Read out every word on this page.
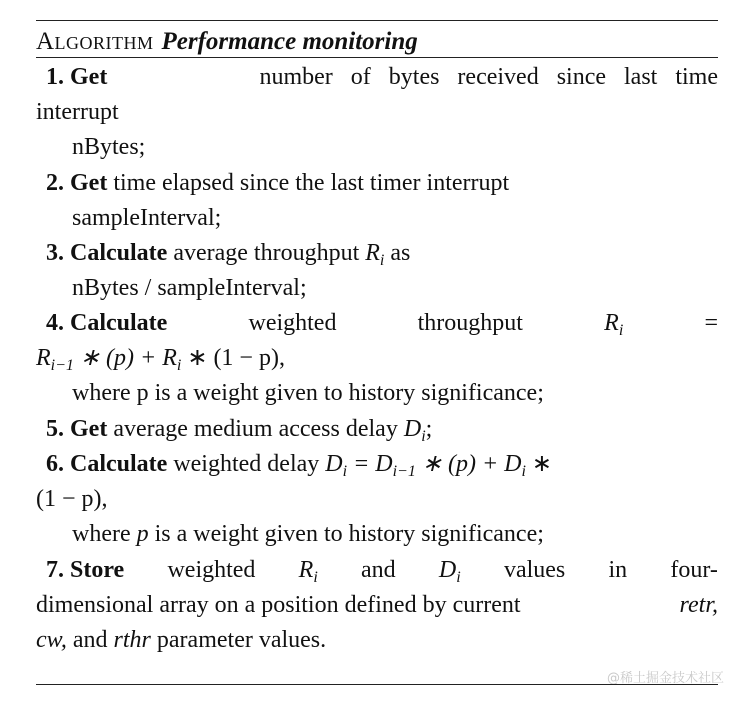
Algorithm Performance monitoring
1. Get	number of bytes received since last time
interrupt
nBytes;
2. Get time elapsed since the last timer interrupt
sampleInterval;
3. Calculate average throughput $R_i$ as
nBytes / sampleInterval;
4. Calculate	weighted	throughput	$R_i$	=
$R_{i-1}$ ∗ $(p) + R_i$ ∗ (1 − p),
where p is a weight given to history significance;
5. Get average medium access delay $D_i$;
6. Calculate weighted delay $D_i = D_{i-1}$ ∗ $(p) + D_i$ ∗
(1 − p),
where p is a weight given to history significance;
7. Store weighted $R_i$ and $D_i$ values in four-
dimensional array on a position defined by current	retr,
cw, and rthr parameter values.
@稀土掘金技术社区
